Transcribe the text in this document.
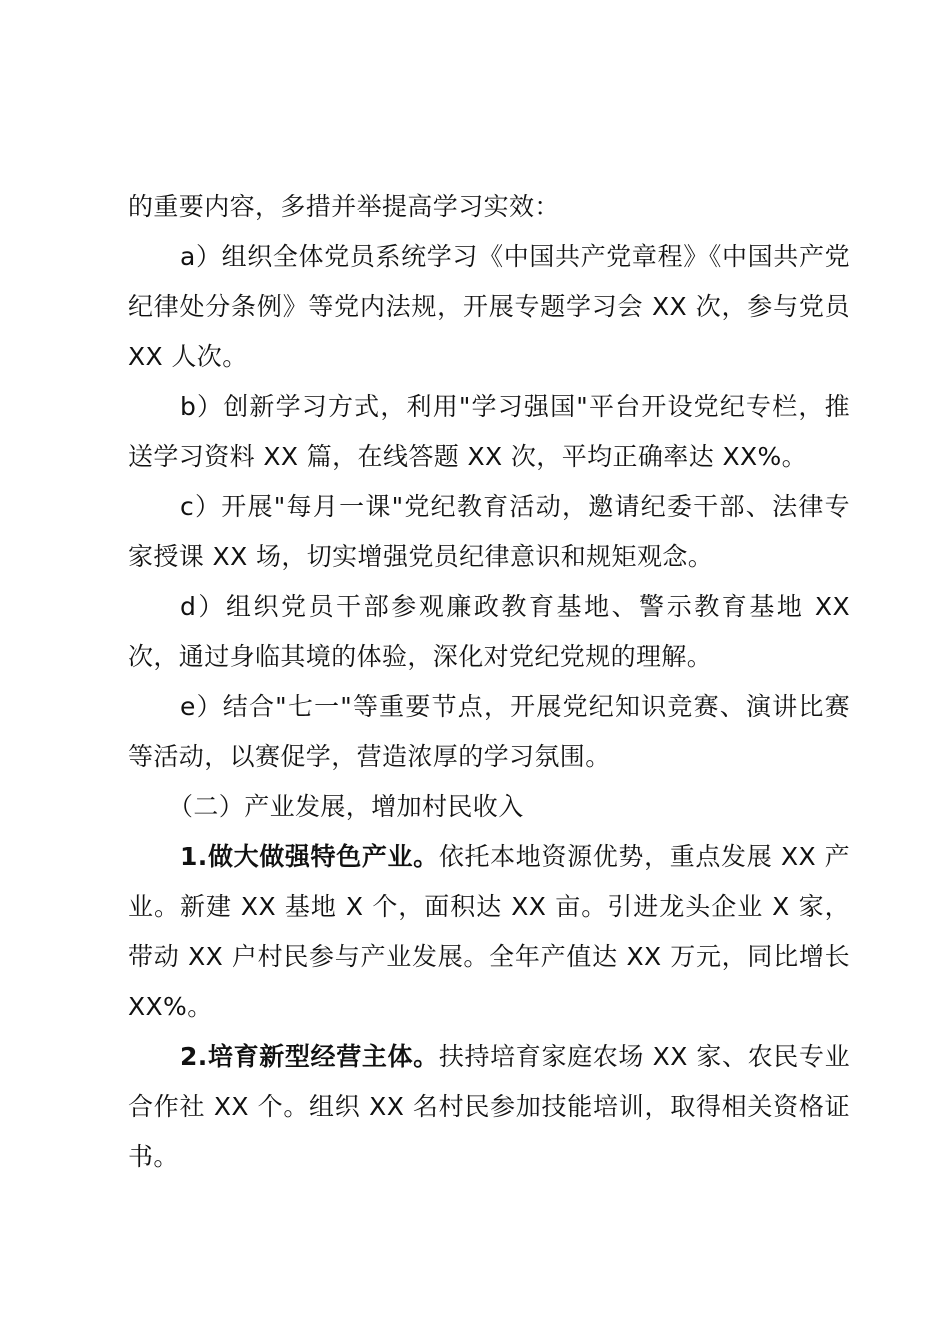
的重要内容，多措并举提高学习实效：

a）组织全体党员系统学习《中国共产党章程》《中国共产党纪律处分条例》等党内法规，开展专题学习会 XX 次，参与党员 XX 人次。

b）创新学习方式，利用"学习强国"平台开设党纪专栏，推送学习资料 XX 篇，在线答题 XX 次，平均正确率达 XX%。

c）开展"每月一课"党纪教育活动，邀请纪委干部、法律专家授课 XX 场，切实增强党员纪律意识和规矩观念。

d）组织党员干部参观廉政教育基地、警示教育基地 XX 次，通过身临其境的体验，深化对党纪党规的理解。

e）结合"七一"等重要节点，开展党纪知识竞赛、演讲比赛等活动，以赛促学，营造浓厚的学习氛围。

（二）产业发展，增加村民收入

1.做大做强特色产业。依托本地资源优势，重点发展 XX 产业。新建 XX 基地 X 个，面积达 XX 亩。引进龙头企业 X 家，带动 XX 户村民参与产业发展。全年产值达 XX 万元，同比增长 XX%。

2.培育新型经营主体。扶持培育家庭农场 XX 家、农民专业合作社 XX 个。组织 XX 名村民参加技能培训，取得相关资格证书。
